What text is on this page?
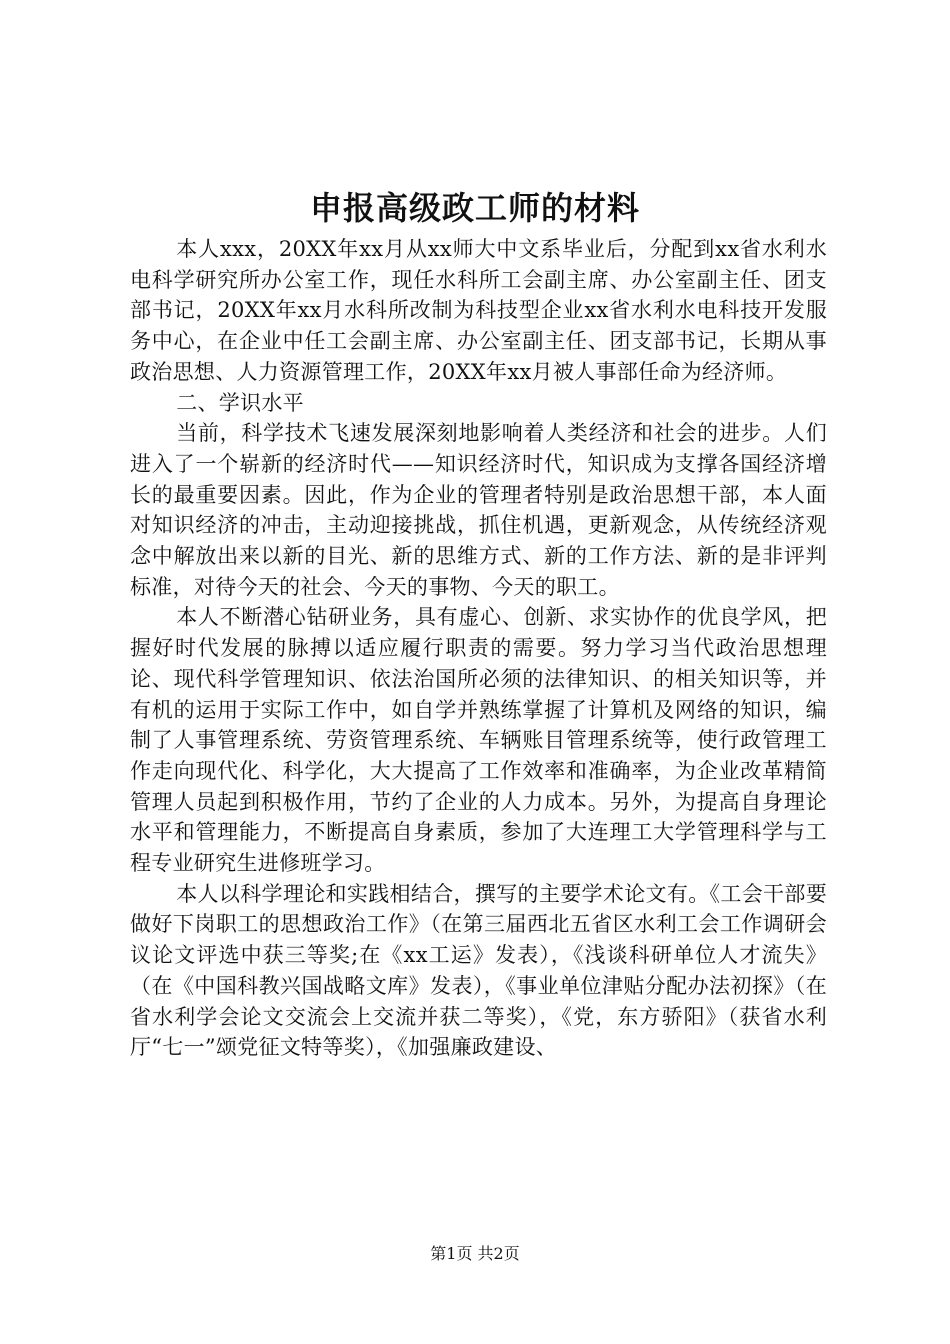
申报高级政工师的材料

本人xxx，20XX年xx月从xx师大中文系毕业后，分配到xx省水利水电科学研究所办公室工作，现任水科所工会副主席、办公室副主任、团支部书记，20XX年xx月水科所改制为科技型企业xx省水利水电科技开发服务中心，在企业中任工会副主席、办公室副主任、团支部书记，长期从事政治思想、人力资源管理工作，20XX年xx月被人事部任命为经济师。

二、学识水平

当前，科学技术飞速发展深刻地影响着人类经济和社会的进步。人们进入了一个崭新的经济时代——知识经济时代，知识成为支撑各国经济增长的最重要因素。因此，作为企业的管理者特别是政治思想干部，本人面对知识经济的冲击，主动迎接挑战，抓住机遇，更新观念，从传统经济观念中解放出来以新的目光、新的思维方式、新的工作方法、新的是非评判标准，对待今天的社会、今天的事物、今天的职工。

本人不断潜心钻研业务，具有虚心、创新、求实协作的优良学风，把握好时代发展的脉搏以适应履行职责的需要。努力学习当代政治思想理论、现代科学管理知识、依法治国所必须的法律知识、的相关知识等，并有机的运用于实际工作中，如自学并熟练掌握了计算机及网络的知识，编制了人事管理系统、劳资管理系统、车辆账目管理系统等，使行政管理工作走向现代化、科学化，大大提高了工作效率和准确率，为企业改革精简管理人员起到积极作用，节约了企业的人力成本。另外，为提高自身理论水平和管理能力，不断提高自身素质，参加了大连理工大学管理科学与工程专业研究生进修班学习。

本人以科学理论和实践相结合，撰写的主要学术论文有。《工会干部要做好下岗职工的思想政治工作》（在第三届西北五省区水利工会工作调研会议论文评选中获三等奖;在《xx工运》发表），《浅谈科研单位人才流失》（在《中国科教兴国战略文库》发表），《事业单位津贴分配办法初探》（在省水利学会论文交流会上交流并获二等奖），《党，东方骄阳》（获省水利厅“七一”颂党征文特等奖），《加强廉政建设、

第1页 共2页
